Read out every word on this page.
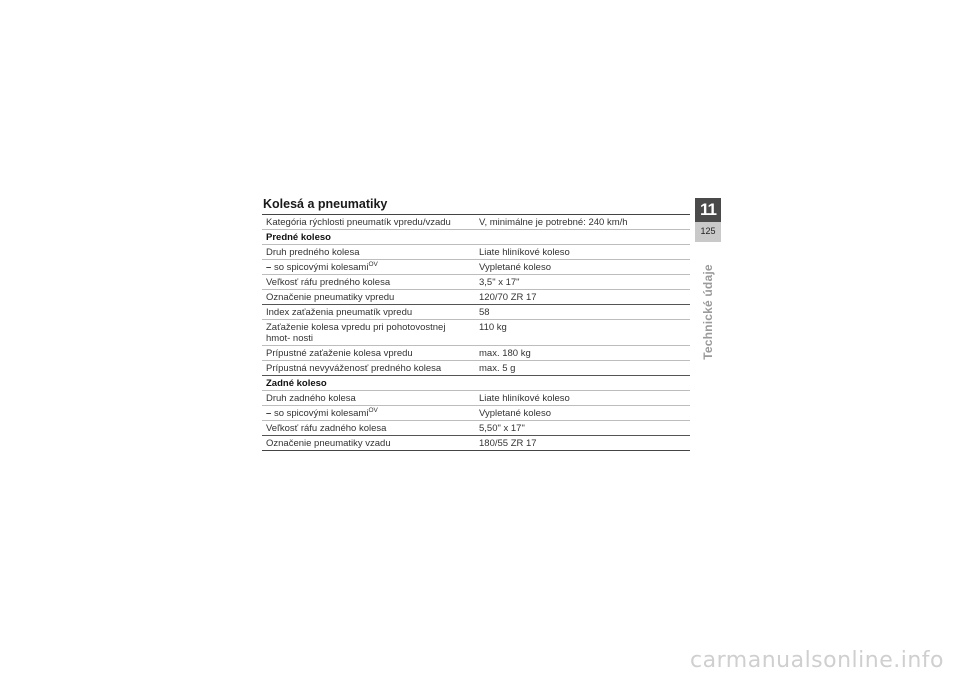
Kolesá a pneumatiky
Kategória rýchlosti pneumatík vpredu/vzadu	V, minimálne je potrebné: 240 km/h
Predné koleso	
Druh predného kolesa	Liate hliníkové koleso
– so spicovými kolesami$^{OV}$	Vypletané koleso
Veľkosť ráfu predného kolesa	3,5" x 17"
Označenie pneumatiky vpredu	120/70 ZR 17
Index zaťaženia pneumatík vpredu	58
Zaťaženie kolesa vpredu pri pohotovostnej hmot- nosti	110 kg
Prípustné zaťaženie kolesa vpredu	max. 180 kg
Prípustná nevyváženosť predného kolesa	max. 5 g
Zadné koleso	
Druh zadného kolesa	Liate hliníkové koleso
– so spicovými kolesami$^{OV}$	Vypletané koleso
Veľkosť ráfu zadného kolesa	5,50" x 17"
Označenie pneumatiky vzadu	180/55 ZR 17
11
125
Technické údaje
carmanualsonline.info
